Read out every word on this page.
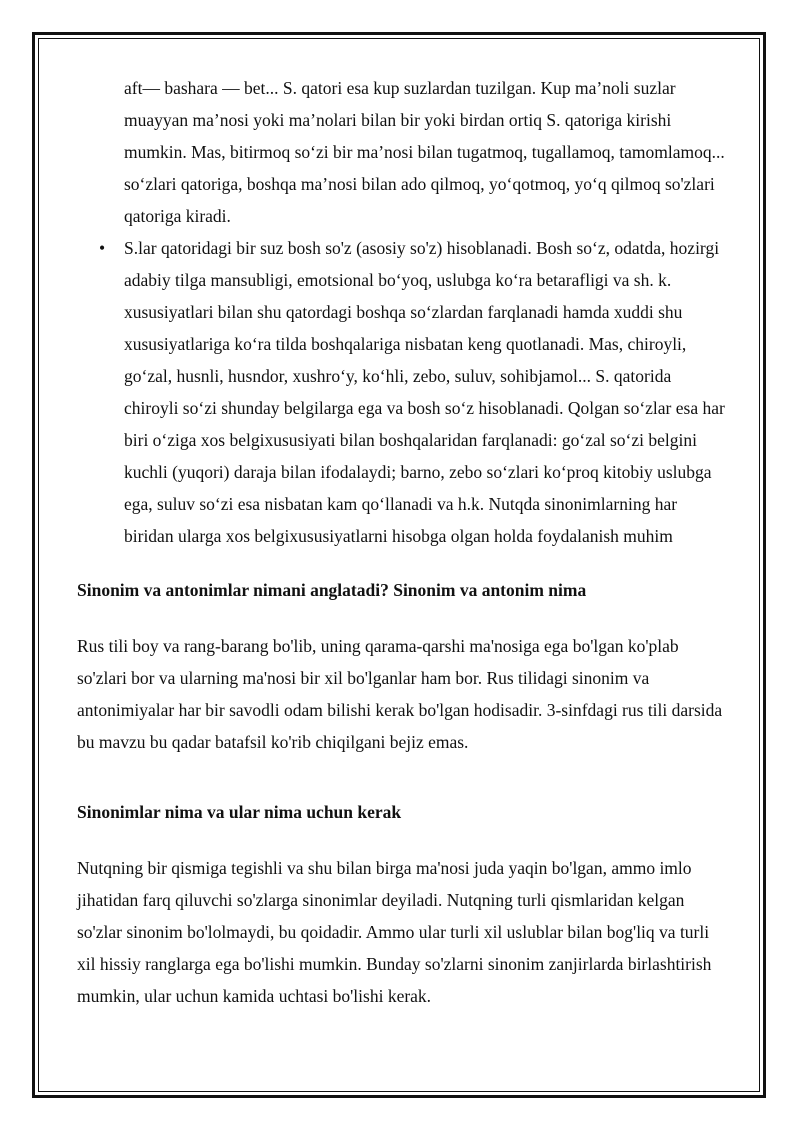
aft— bashara — bet... S. qatori esa kup suzlardan tuzilgan. Kup ma’noli suzlar muayyan ma’nosi yoki ma’nolari bilan bir yoki birdan ortiq S. qatoriga kirishi mumkin. Mas, bitirmoq so‘zi bir ma’nosi bilan tugatmoq, tugallamoq, tamomlamoq... so‘zlari qatoriga, boshqa ma’nosi bilan ado qilmoq, yo‘qotmoq, yo‘q qilmoq so'zlari qatoriga kiradi.

• S.lar qatoridagi bir suz bosh so'z (asosiy so'z) hisoblanadi. Bosh so‘z, odatda, hozirgi adabiy tilga mansubligi, emotsional bo‘yoq, uslubga ko‘ra betarafligi va sh. k. xususiyatlari bilan shu qatordagi boshqa so‘zlardan farqlanadi hamda xuddi shu xususiyatlariga ko‘ra tilda boshqalariga nisbatan keng quotlanadi. Mas, chiroyli, go‘zal, husnli, husndor, xushro‘y, ko‘hli, zebo, suluv, sohibjamol... S. qatorida chiroyli so‘zi shunday belgilarga ega va bosh so‘z hisoblanadi. Qolgan so‘zlar esa har biri o‘ziga xos belgixususiyati bilan boshqalaridan farqlanadi: go‘zal so‘zi belgini kuchli (yuqori) daraja bilan ifodalaydi; barno, zebo so‘zlari ko‘proq kitobiy uslubga ega, suluv so‘zi esa nisbatan kam qo‘llanadi va h.k. Nutqda sinonimlarning har biridan ularga xos belgixususiyatlarni hisobga olgan holda foydalanish muhim

Sinonim va antonimlar nimani anglatadi? Sinonim va antonim nima

Rus tili boy va rang-barang bo'lib, uning qarama-qarshi ma'nosiga ega bo'lgan ko'plab so'zlari bor va ularning ma'nosi bir xil bo'lganlar ham bor. Rus tilidagi sinonim va antonimiyalar har bir savodli odam bilishi kerak bo'lgan hodisadir. 3-sinfdagi rus tili darsida bu mavzu bu qadar batafsil ko'rib chiqilgani bejiz emas.

Sinonimlar nima va ular nima uchun kerak

Nutqning bir qismiga tegishli va shu bilan birga ma'nosi juda yaqin bo'lgan, ammo imlo jihatidan farq qiluvchi so'zlarga sinonimlar deyiladi. Nutqning turli qismlaridan kelgan so'zlar sinonim bo'lolmaydi, bu qoidadir. Ammo ular turli xil uslublar bilan bog'liq va turli xil hissiy ranglarga ega bo'lishi mumkin. Bunday so'zlarni sinonim zanjirlarda birlashtirish mumkin, ular uchun kamida uchtasi bo'lishi kerak.
